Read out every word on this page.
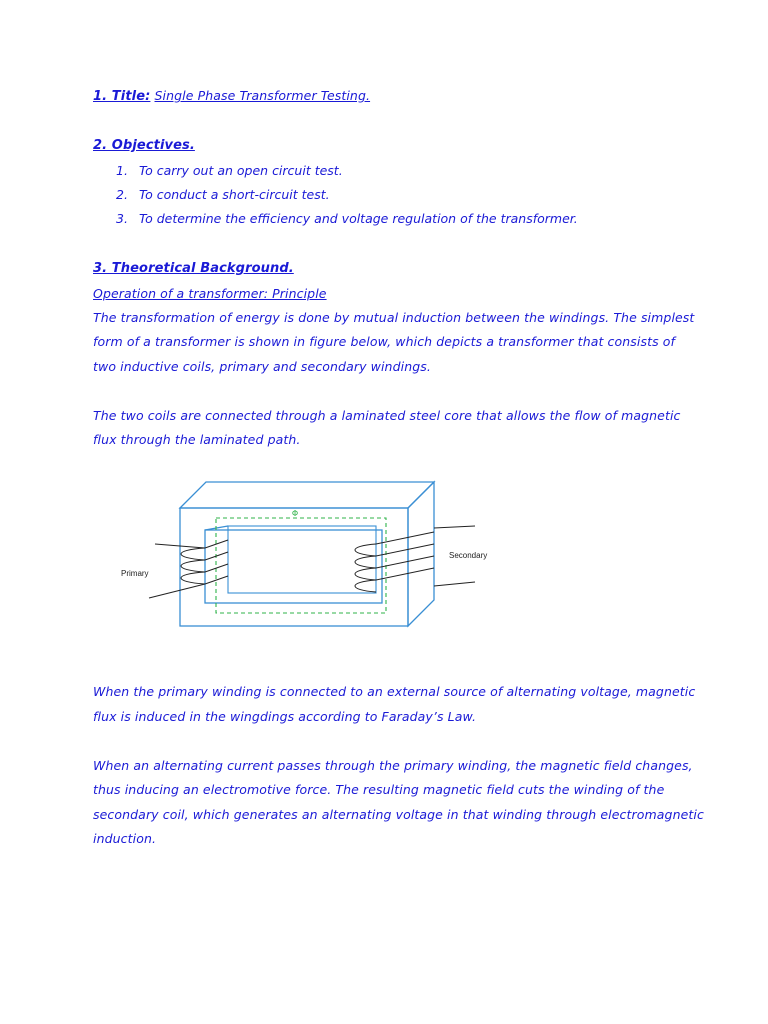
1. Title: Single Phase Transformer Testing.
2. Objectives.
1. To carry out an open circuit test.
2. To conduct a short-circuit test.
3. To determine the efficiency and voltage regulation of the transformer.
3. Theoretical Background.
Operation of a transformer: Principle
The transformation of energy is done by mutual induction between the windings. The simplest
form of a transformer is shown in figure below, which depicts a transformer that consists of
two inductive coils, primary and secondary windings.
The two coils are connected through a laminated steel core that allows the flow of magnetic
flux through the laminated path.
Φ
Primary
Secondary
When the primary winding is connected to an external source of alternating voltage, magnetic
flux is induced in the wingdings according to Faraday’s Law.
When an alternating current passes through the primary winding, the magnetic field changes,
thus inducing an electromotive force. The resulting magnetic field cuts the winding of the
secondary coil, which generates an alternating voltage in that winding through electromagnetic
induction.
